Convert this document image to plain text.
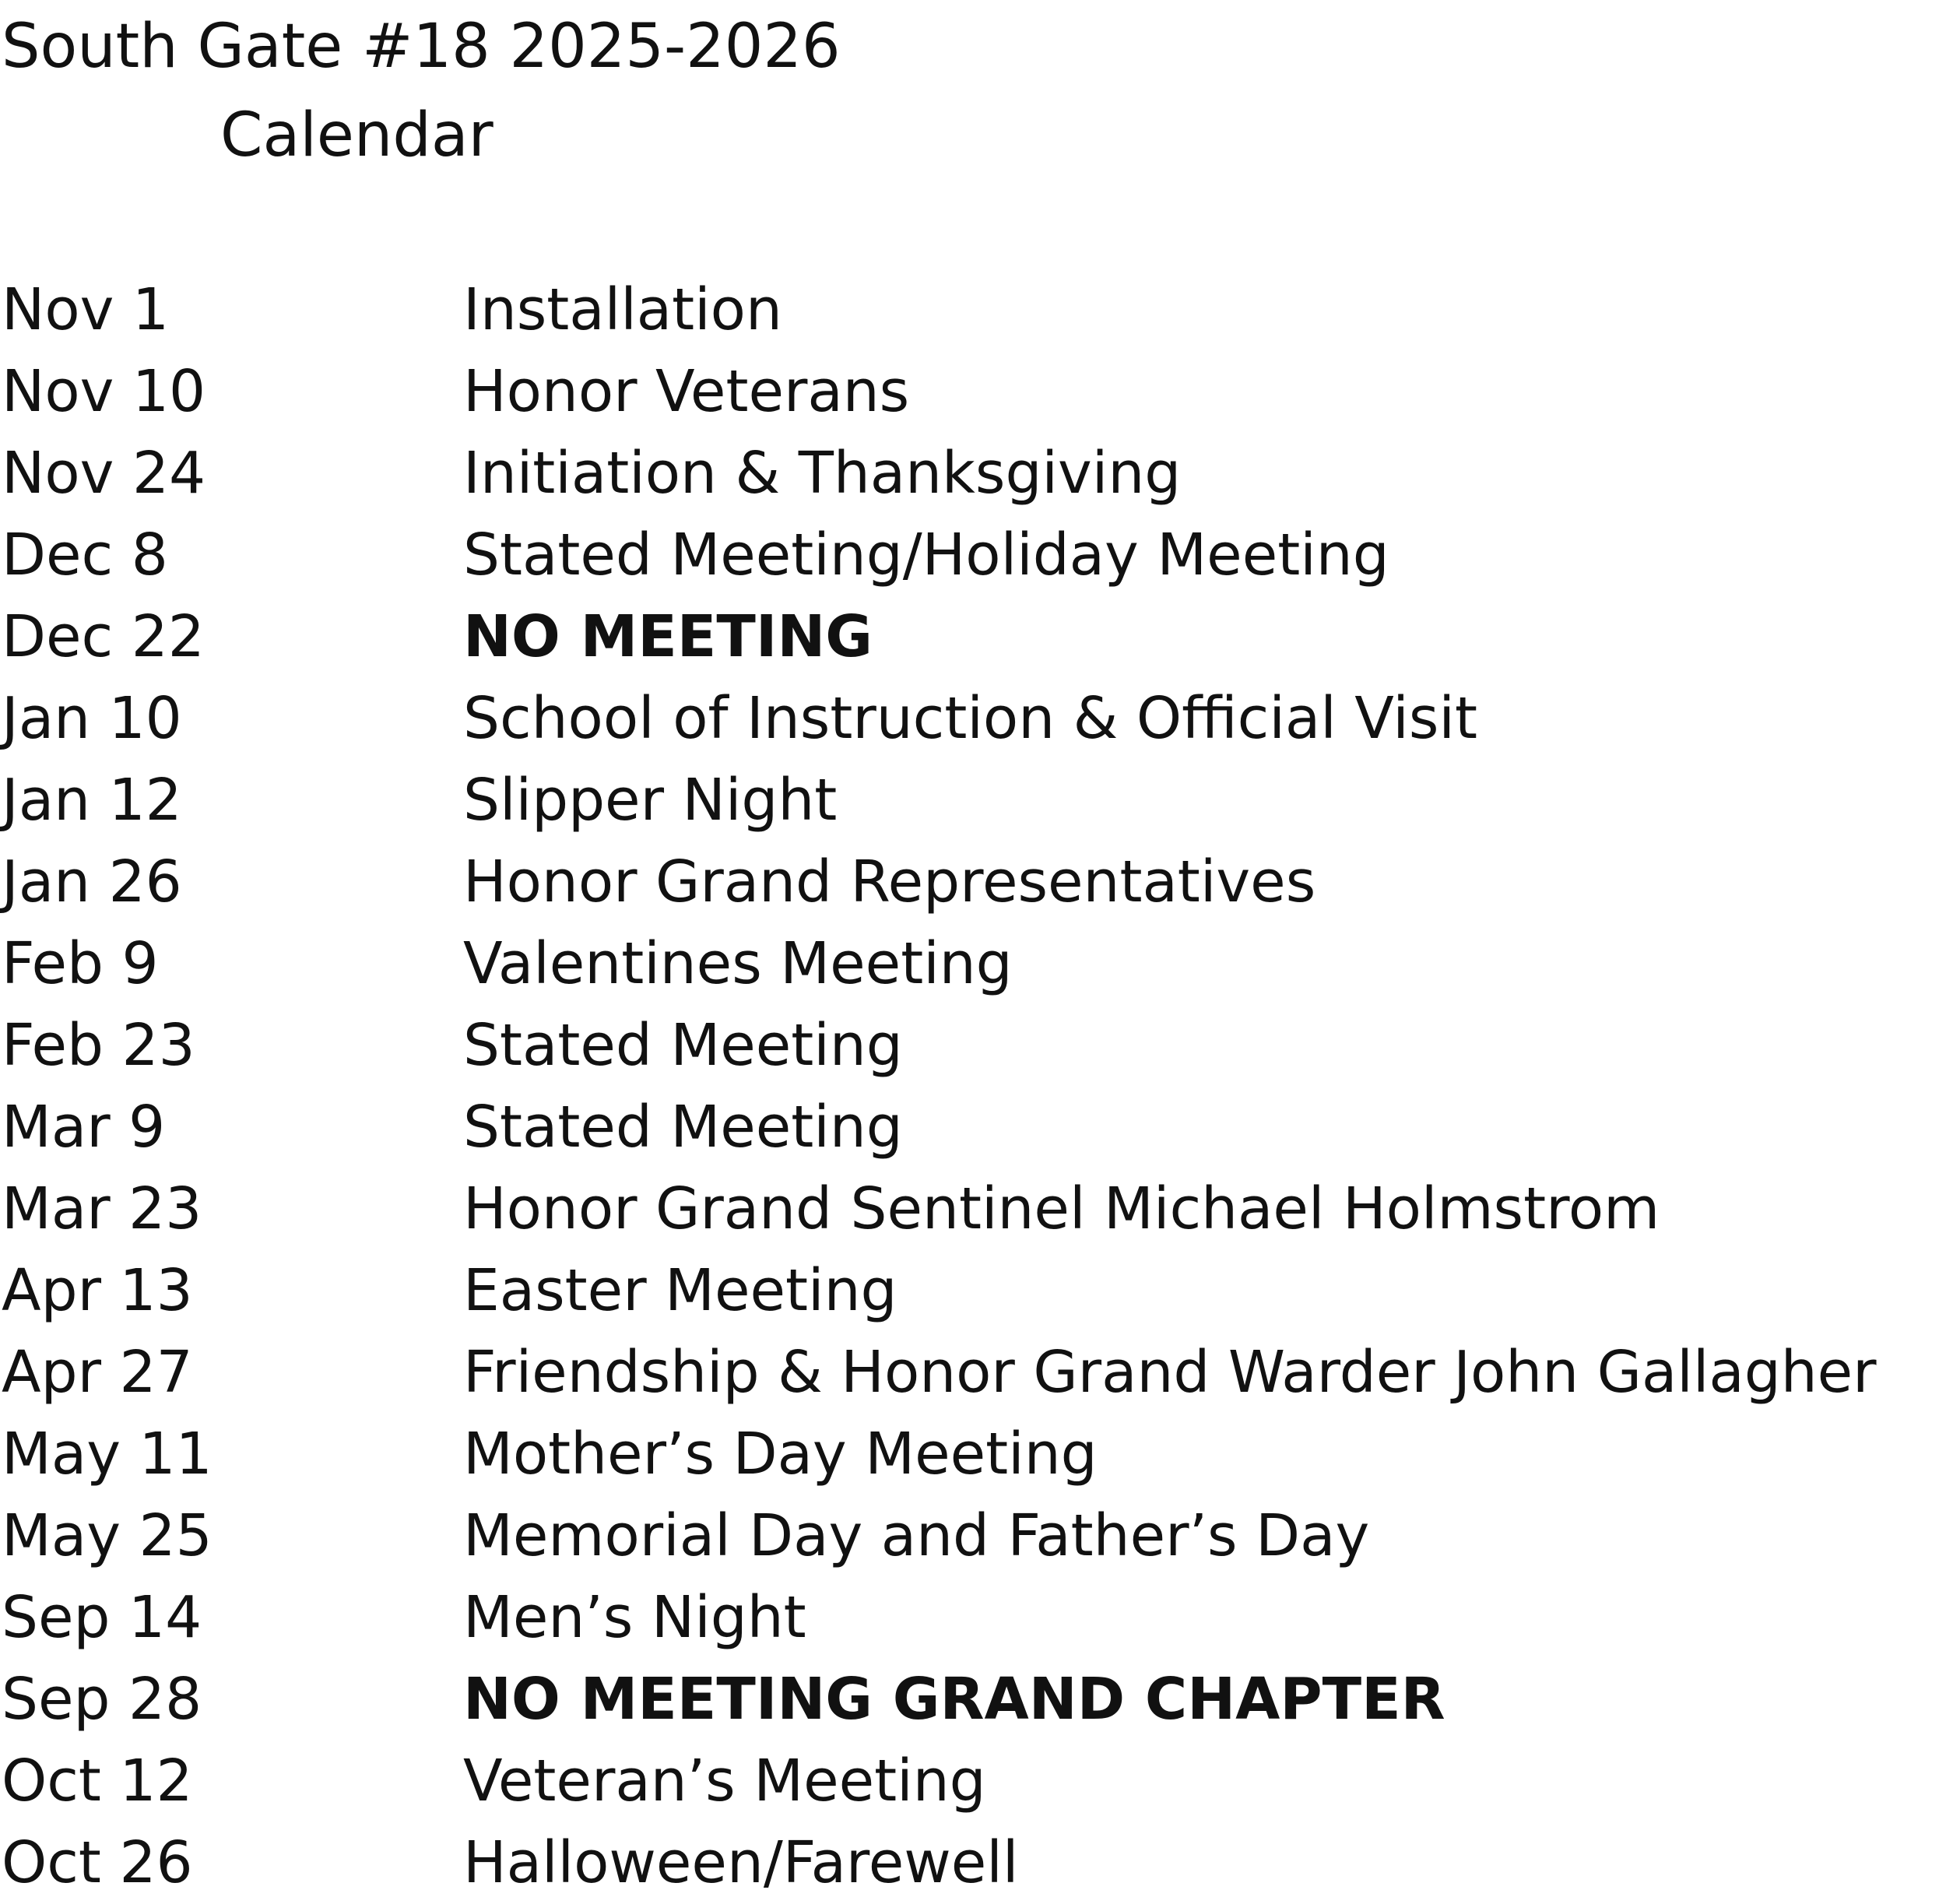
South Gate #18 2025-2026
Calendar
Nov 1	Installation
Nov 10	Honor Veterans
Nov 24	Initiation & Thanksgiving
Dec 8	Stated Meeting/Holiday Meeting
Dec 22	NO MEETING
Jan 10	School of Instruction & Official Visit
Jan 12	Slipper Night
Jan 26	Honor Grand Representatives
Feb 9	Valentines Meeting
Feb 23	Stated Meeting
Mar 9	Stated Meeting
Mar 23	Honor Grand Sentinel Michael Holmstrom
Apr 13	Easter Meeting
Apr 27	Friendship & Honor Grand Warder John Gallagher
May 11	Mother’s Day Meeting
May 25	Memorial Day and Father’s Day
Sep 14	Men’s Night
Sep 28	NO MEETING GRAND CHAPTER
Oct 12	Veteran’s Meeting
Oct 26	Halloween/Farewell
